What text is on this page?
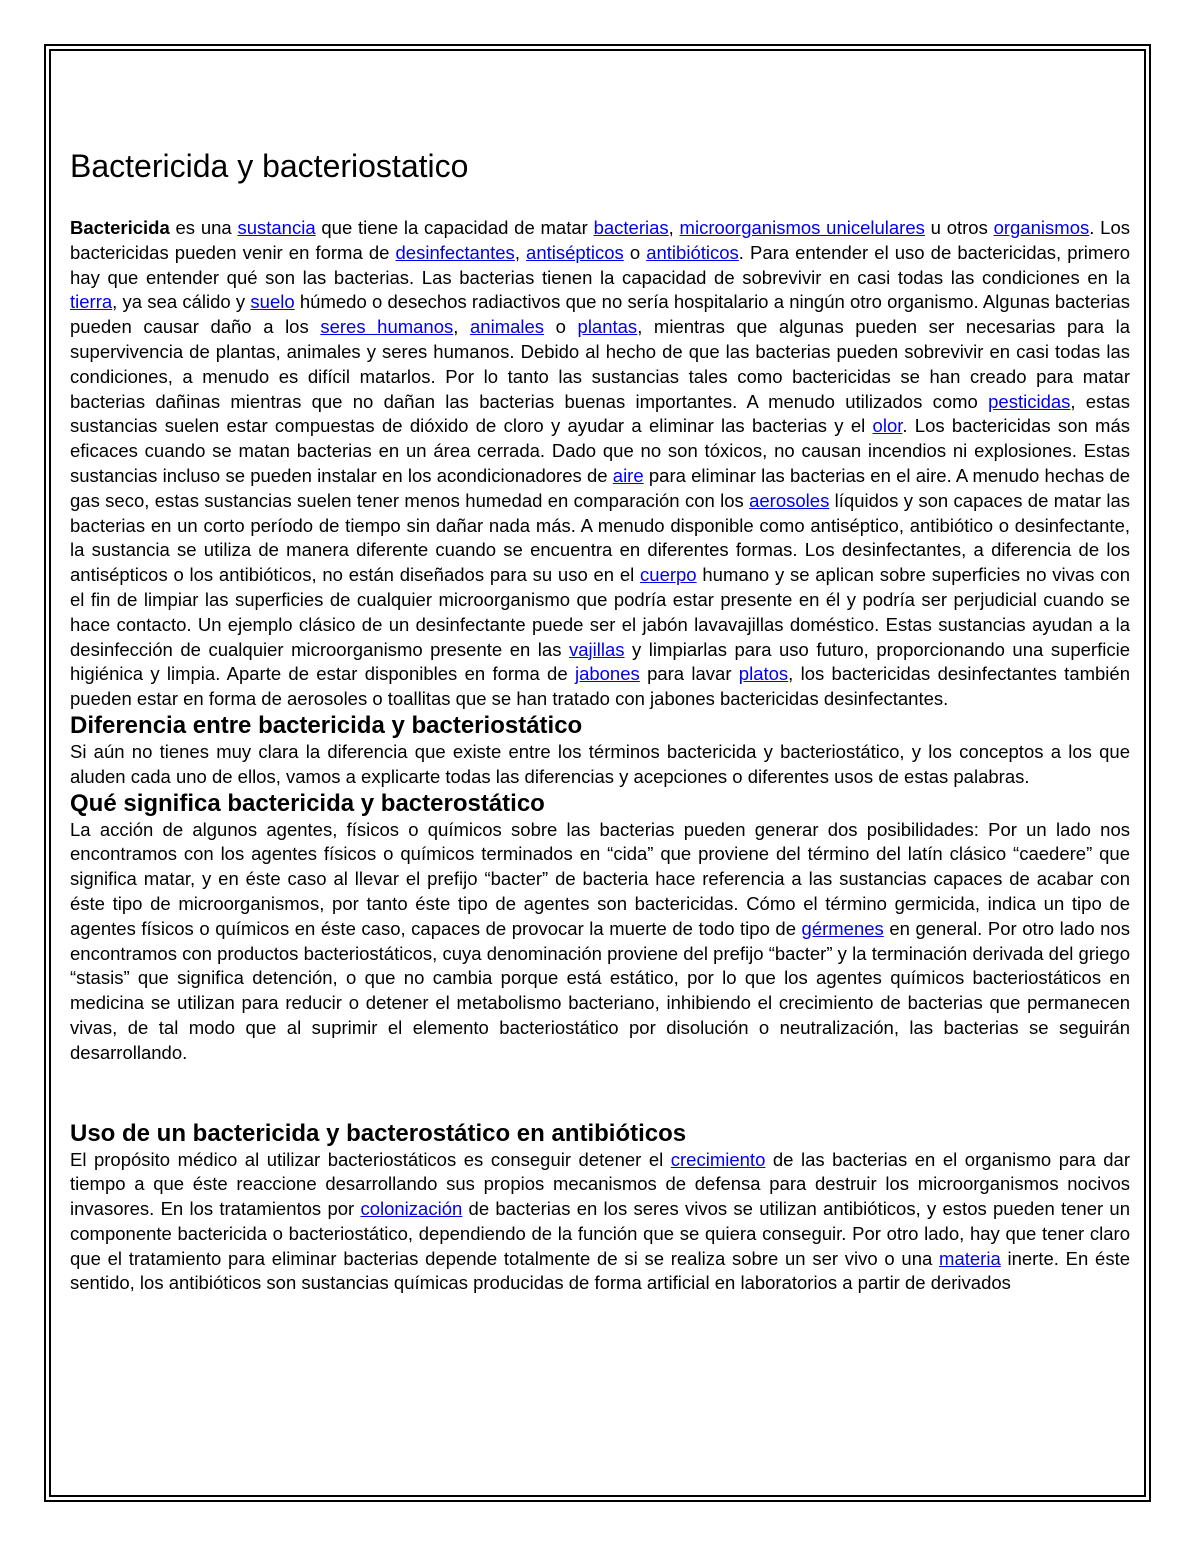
Bactericida y bacteriostatico

Bactericida es una sustancia que tiene la capacidad de matar bacterias, microorganismos unicelulares u otros organismos. Los bactericidas pueden venir en forma de desinfectantes, antisépticos o antibióticos. Para entender el uso de bactericidas, primero hay que entender qué son las bacterias. Las bacterias tienen la capacidad de sobrevivir en casi todas las condiciones en la tierra, ya sea cálido y suelo húmedo o desechos radiactivos que no sería hospitalario a ningún otro organismo. Algunas bacterias pueden causar daño a los seres humanos, animales o plantas, mientras que algunas pueden ser necesarias para la supervivencia de plantas, animales y seres humanos. Debido al hecho de que las bacterias pueden sobrevivir en casi todas las condiciones, a menudo es difícil matarlos. Por lo tanto las sustancias tales como bactericidas se han creado para matar bacterias dañinas mientras que no dañan las bacterias buenas importantes. A menudo utilizados como pesticidas, estas sustancias suelen estar compuestas de dióxido de cloro y ayudar a eliminar las bacterias y el olor. Los bactericidas son más eficaces cuando se matan bacterias en un área cerrada. Dado que no son tóxicos, no causan incendios ni explosiones. Estas sustancias incluso se pueden instalar en los acondicionadores de aire para eliminar las bacterias en el aire. A menudo hechas de gas seco, estas sustancias suelen tener menos humedad en comparación con los aerosoles líquidos y son capaces de matar las bacterias en un corto período de tiempo sin dañar nada más. A menudo disponible como antiséptico, antibiótico o desinfectante, la sustancia se utiliza de manera diferente cuando se encuentra en diferentes formas. Los desinfectantes, a diferencia de los antisépticos o los antibióticos, no están diseñados para su uso en el cuerpo humano y se aplican sobre superficies no vivas con el fin de limpiar las superficies de cualquier microorganismo que podría estar presente en él y podría ser perjudicial cuando se hace contacto. Un ejemplo clásico de un desinfectante puede ser el jabón lavavajillas doméstico. Estas sustancias ayudan a la desinfección de cualquier microorganismo presente en las vajillas y limpiarlas para uso futuro, proporcionando una superficie higiénica y limpia. Aparte de estar disponibles en forma de jabones para lavar platos, los bactericidas desinfectantes también pueden estar en forma de aerosoles o toallitas que se han tratado con jabones bactericidas desinfectantes.

Diferencia entre bactericida y bacteriostático

Si aún no tienes muy clara la diferencia que existe entre los términos bactericida y bacteriostático, y los conceptos a los que aluden cada uno de ellos, vamos a explicarte todas las diferencias y acepciones o diferentes usos de estas palabras.

Qué significa bactericida y bacterostático

La acción de algunos agentes, físicos o químicos sobre las bacterias pueden generar dos posibilidades: Por un lado nos encontramos con los agentes físicos o químicos terminados en “cida” que proviene del término del latín clásico “caedere” que significa matar, y en éste caso al llevar el prefijo “bacter” de bacteria hace referencia a las sustancias capaces de acabar con éste tipo de microorganismos, por tanto éste tipo de agentes son bactericidas. Cómo el término germicida, indica un tipo de agentes físicos o químicos en éste caso, capaces de provocar la muerte de todo tipo de gérmenes en general. Por otro lado nos encontramos con productos bacteriostáticos, cuya denominación proviene del prefijo “bacter” y la terminación derivada del griego “stasis” que significa detención, o que no cambia porque está estático, por lo que los agentes químicos bacteriostáticos en medicina se utilizan para reducir o detener el metabolismo bacteriano, inhibiendo el crecimiento de bacterias que permanecen vivas, de tal modo que al suprimir el elemento bacteriostático por disolución o neutralización, las bacterias se seguirán desarrollando.

Uso de un bactericida y bacterostático en antibióticos

El propósito médico al utilizar bacteriostáticos es conseguir detener el crecimiento de las bacterias en el organismo para dar tiempo a que éste reaccione desarrollando sus propios mecanismos de defensa para destruir los microorganismos nocivos invasores. En los tratamientos por colonización de bacterias en los seres vivos se utilizan antibióticos, y estos pueden tener un componente bactericida o bacteriostático, dependiendo de la función que se quiera conseguir. Por otro lado, hay que tener claro que el tratamiento para eliminar bacterias depende totalmente de si se realiza sobre un ser vivo o una materia inerte. En éste sentido, los antibióticos son sustancias químicas producidas de forma artificial en laboratorios a partir de derivados
